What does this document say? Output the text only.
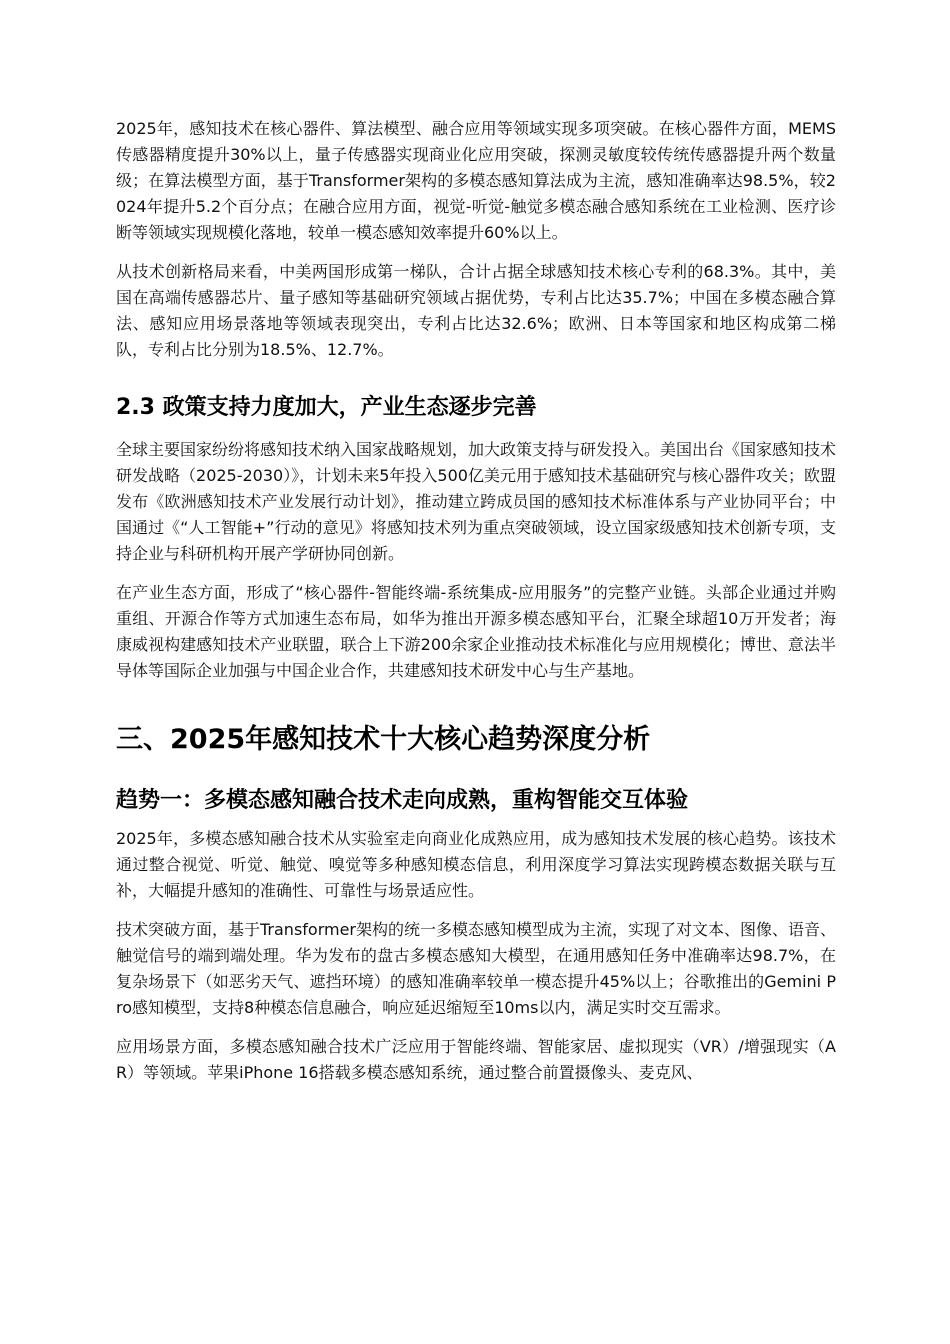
2025年，感知技术在核心器件、算法模型、融合应用等领域实现多项突破。在核心器件方面，MEMS传感器精度提升30%以上，量子传感器实现商业化应用突破，探测灵敏度较传统传感器提升两个数量级；在算法模型方面，基于Transformer架构的多模态感知算法成为主流，感知准确率达98.5%，较2024年提升5.2个百分点；在融合应用方面，视觉-听觉-触觉多模态融合感知系统在工业检测、医疗诊断等领域实现规模化落地，较单一模态感知效率提升60%以上。

从技术创新格局来看，中美两国形成第一梯队，合计占据全球感知技术核心专利的68.3%。其中，美国在高端传感器芯片、量子感知等基础研究领域占据优势，专利占比达35.7%；中国在多模态融合算法、感知应用场景落地等领域表现突出，专利占比达32.6%；欧洲、日本等国家和地区构成第二梯队，专利占比分别为18.5%、12.7%。

2.3 政策支持力度加大，产业生态逐步完善

全球主要国家纷纷将感知技术纳入国家战略规划，加大政策支持与研发投入。美国出台《国家感知技术研发战略（2025-2030）》，计划未来5年投入500亿美元用于感知技术基础研究与核心器件攻关；欧盟发布《欧洲感知技术产业发展行动计划》，推动建立跨成员国的感知技术标准体系与产业协同平台；中国通过《“人工智能+”行动的意见》将感知技术列为重点突破领域，设立国家级感知技术创新专项，支持企业与科研机构开展产学研协同创新。

在产业生态方面，形成了“核心器件-智能终端-系统集成-应用服务”的完整产业链。头部企业通过并购重组、开源合作等方式加速生态布局，如华为推出开源多模态感知平台，汇聚全球超10万开发者；海康威视构建感知技术产业联盟，联合上下游200余家企业推动技术标准化与应用规模化；博世、意法半导体等国际企业加强与中国企业合作，共建感知技术研发中心与生产基地。

三、2025年感知技术十大核心趋势深度分析
趋势一：多模态感知融合技术走向成熟，重构智能交互体验

2025年，多模态感知融合技术从实验室走向商业化成熟应用，成为感知技术发展的核心趋势。该技术通过整合视觉、听觉、触觉、嗅觉等多种感知模态信息，利用深度学习算法实现跨模态数据关联与互补，大幅提升感知的准确性、可靠性与场景适应性。

技术突破方面，基于Transformer架构的统一多模态感知模型成为主流，实现了对文本、图像、语音、触觉信号的端到端处理。华为发布的盘古多模态感知大模型，在通用感知任务中准确率达98.7%，在复杂场景下（如恶劣天气、遮挡环境）的感知准确率较单一模态提升45%以上；谷歌推出的Gemini Pro感知模型，支持8种模态信息融合，响应延迟缩短至10ms以内，满足实时交互需求。

应用场景方面，多模态感知融合技术广泛应用于智能终端、智能家居、虚拟现实（VR）/增强现实（AR）等领域。苹果iPhone 16搭载多模态感知系统，通过整合前置摄像头、麦克风、
